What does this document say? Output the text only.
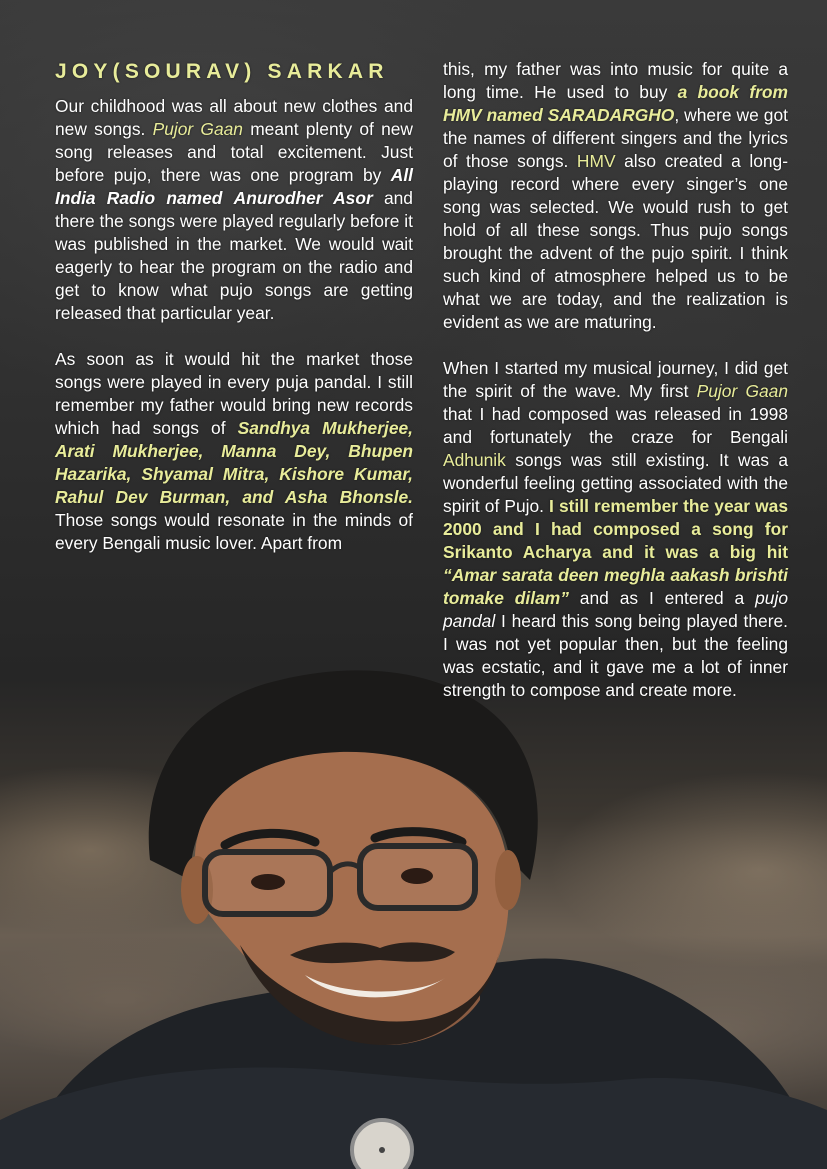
JOY(SOURAV) SARKAR

Our childhood was all about new clothes and new songs. Pujor Gaan meant plenty of new song releases and total excitement. Just before pujo, there was one program by All India Radio named Anurodher Asor and there the songs were played regularly before it was published in the market. We would wait eagerly to hear the program on the radio and get to know what pujo songs are getting released that particular year.

As soon as it would hit the market those songs were played in every puja pandal. I still remember my father would bring new records which had songs of Sandhya Mukherjee, Arati Mukherjee, Manna Dey, Bhupen Hazarika, Shyamal Mitra, Kishore Kumar, Rahul Dev Burman, and Asha Bhonsle. Those songs would resonate in the minds of every Bengali music lover. Apart from

this, my father was into music for quite a long time. He used to buy a book from HMV named SARADARGHO, where we got the names of different singers and the lyrics of those songs. HMV also created a long-playing record where every singer’s one song was selected. We would rush to get hold of all these songs. Thus pujo songs brought the advent of the pujo spirit. I think such kind of atmosphere helped us to be what we are today, and the realization is evident as we are maturing.

When I started my musical journey, I did get the spirit of the wave. My first Pujor Gaan that I had composed was released in 1998 and fortunately the craze for Bengali Adhunik songs was still existing. It was a wonderful feeling getting associated with the spirit of Pujo. I still remember the year was 2000 and I had composed a song for Srikanto Acharya and it was a big hit “Amar sarata deen meghla aakash brishti tomake dilam” and as I entered a pujo pandal I heard this song being played there. I was not yet popular then, but the feeling was ecstatic, and it gave me a lot of inner strength to compose and create more.
